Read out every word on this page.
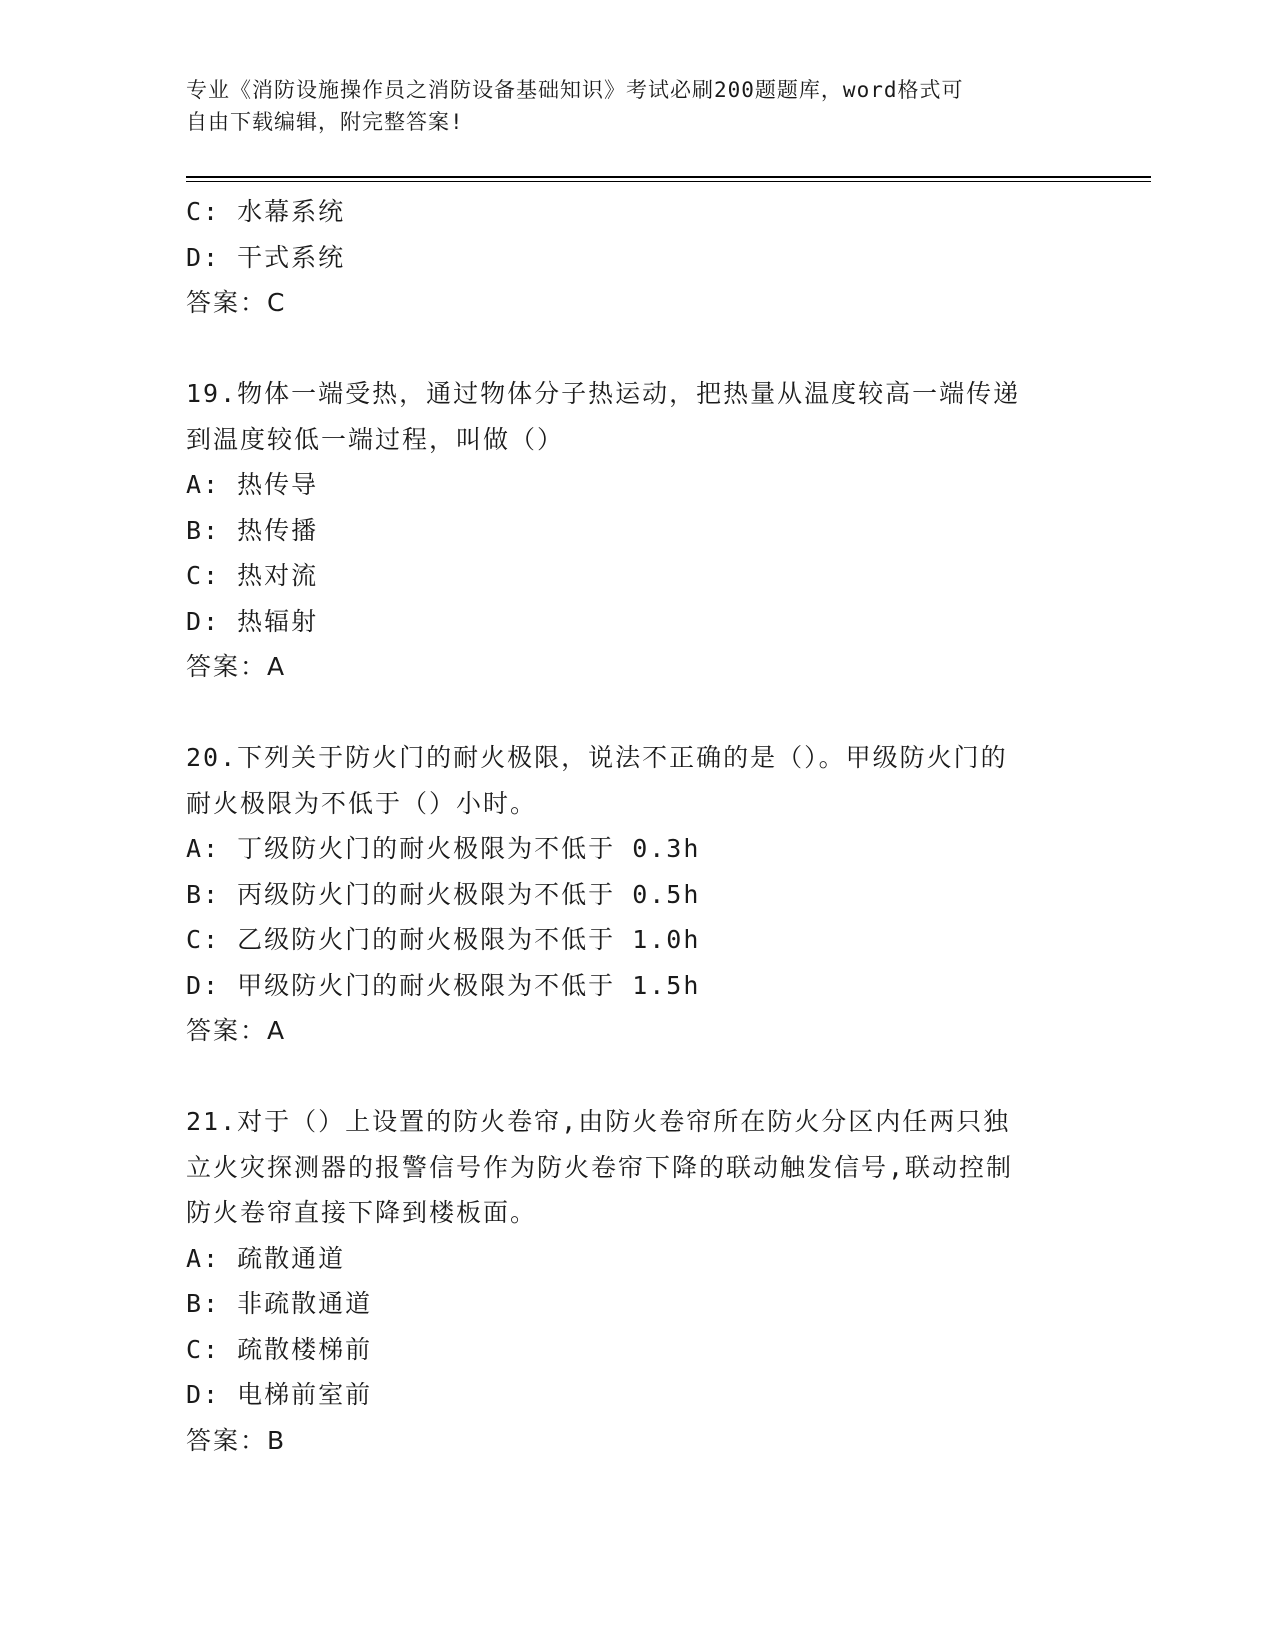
专业《消防设施操作员之消防设备基础知识》考试必刷200题题库，word格式可
自由下载编辑，附完整答案!
C: 水幕系统
D: 干式系统
答案：C
19.物体一端受热，通过物体分子热运动，把热量从温度较高一端传递
到温度较低一端过程，叫做（）
A: 热传导
B: 热传播
C: 热对流
D: 热辐射
答案：A
20.下列关于防火门的耐火极限，说法不正确的是（）。甲级防火门的
耐火极限为不低于（）小时。
A: 丁级防火门的耐火极限为不低于 0.3h
B: 丙级防火门的耐火极限为不低于 0.5h
C: 乙级防火门的耐火极限为不低于 1.0h
D: 甲级防火门的耐火极限为不低于 1.5h
答案：A
21.对于（）上设置的防火卷帘,由防火卷帘所在防火分区内任两只独
立火灾探测器的报警信号作为防火卷帘下降的联动触发信号,联动控制
防火卷帘直接下降到楼板面。
A: 疏散通道
B: 非疏散通道
C: 疏散楼梯前
D: 电梯前室前
答案：B
